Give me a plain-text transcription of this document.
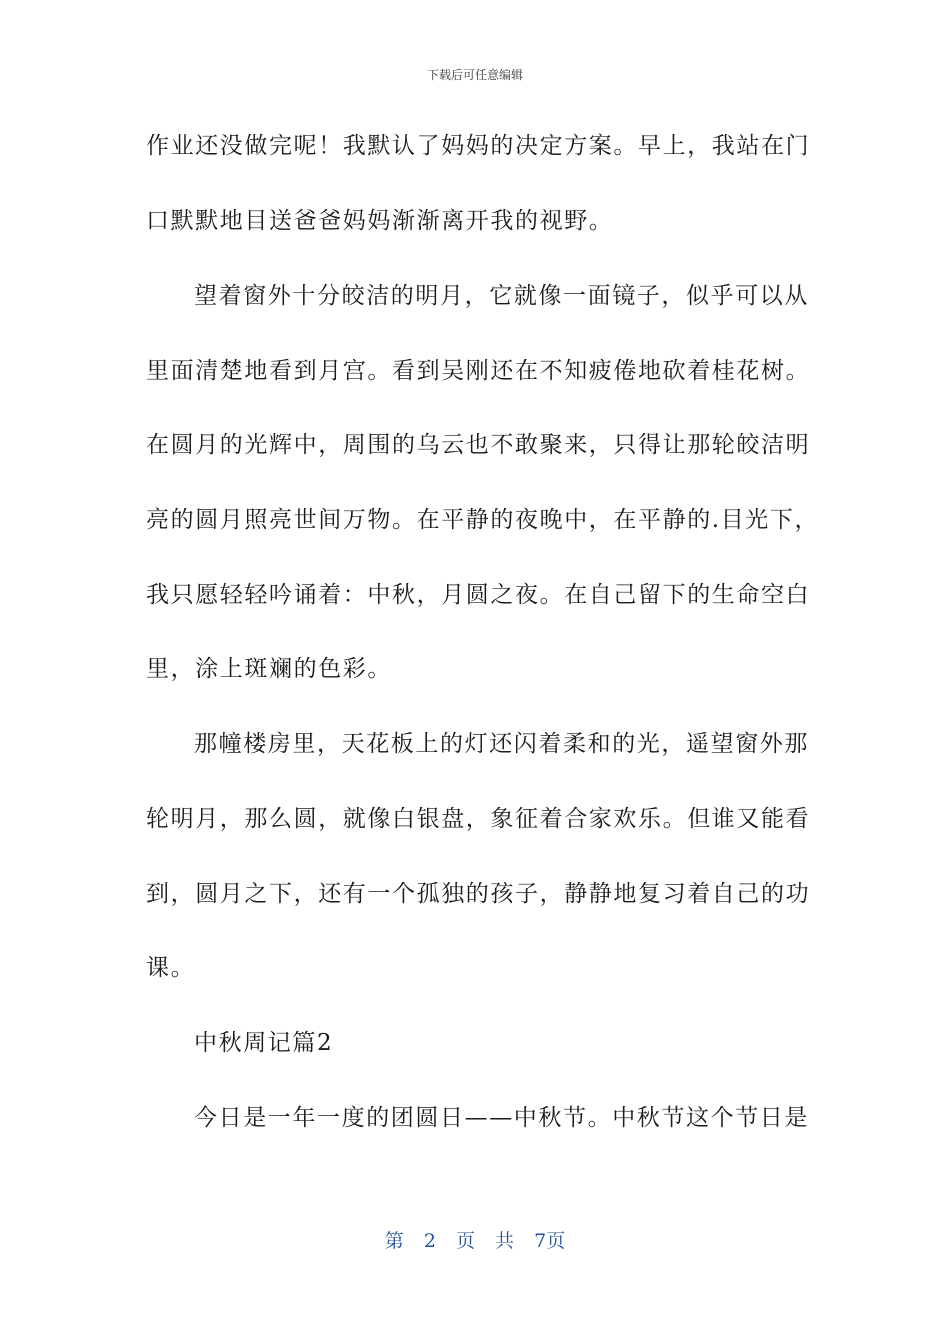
下载后可任意编辑
作业还没做完呢！我默认了妈妈的决定方案。早上，我站在门
口默默地目送爸爸妈妈渐渐离开我的视野。
望着窗外十分皎洁的明月，它就像一面镜子，似乎可以从
里面清楚地看到月宫。看到吴刚还在不知疲倦地砍着桂花树。
在圆月的光辉中，周围的乌云也不敢聚来，只得让那轮皎洁明
亮的圆月照亮世间万物。在平静的夜晚中，在平静的.目光下，
我只愿轻轻吟诵着：中秋，月圆之夜。在自己留下的生命空白
里，涂上斑斓的色彩。
那幢楼房里，天花板上的灯还闪着柔和的光，遥望窗外那
轮明月，那么圆，就像白银盘，象征着合家欢乐。但谁又能看
到，圆月之下，还有一个孤独的孩子，静静地复习着自己的功
课。
中秋周记篇2
今日是一年一度的团圆日——中秋节。中秋节这个节日是
第 2 页 共 7页
